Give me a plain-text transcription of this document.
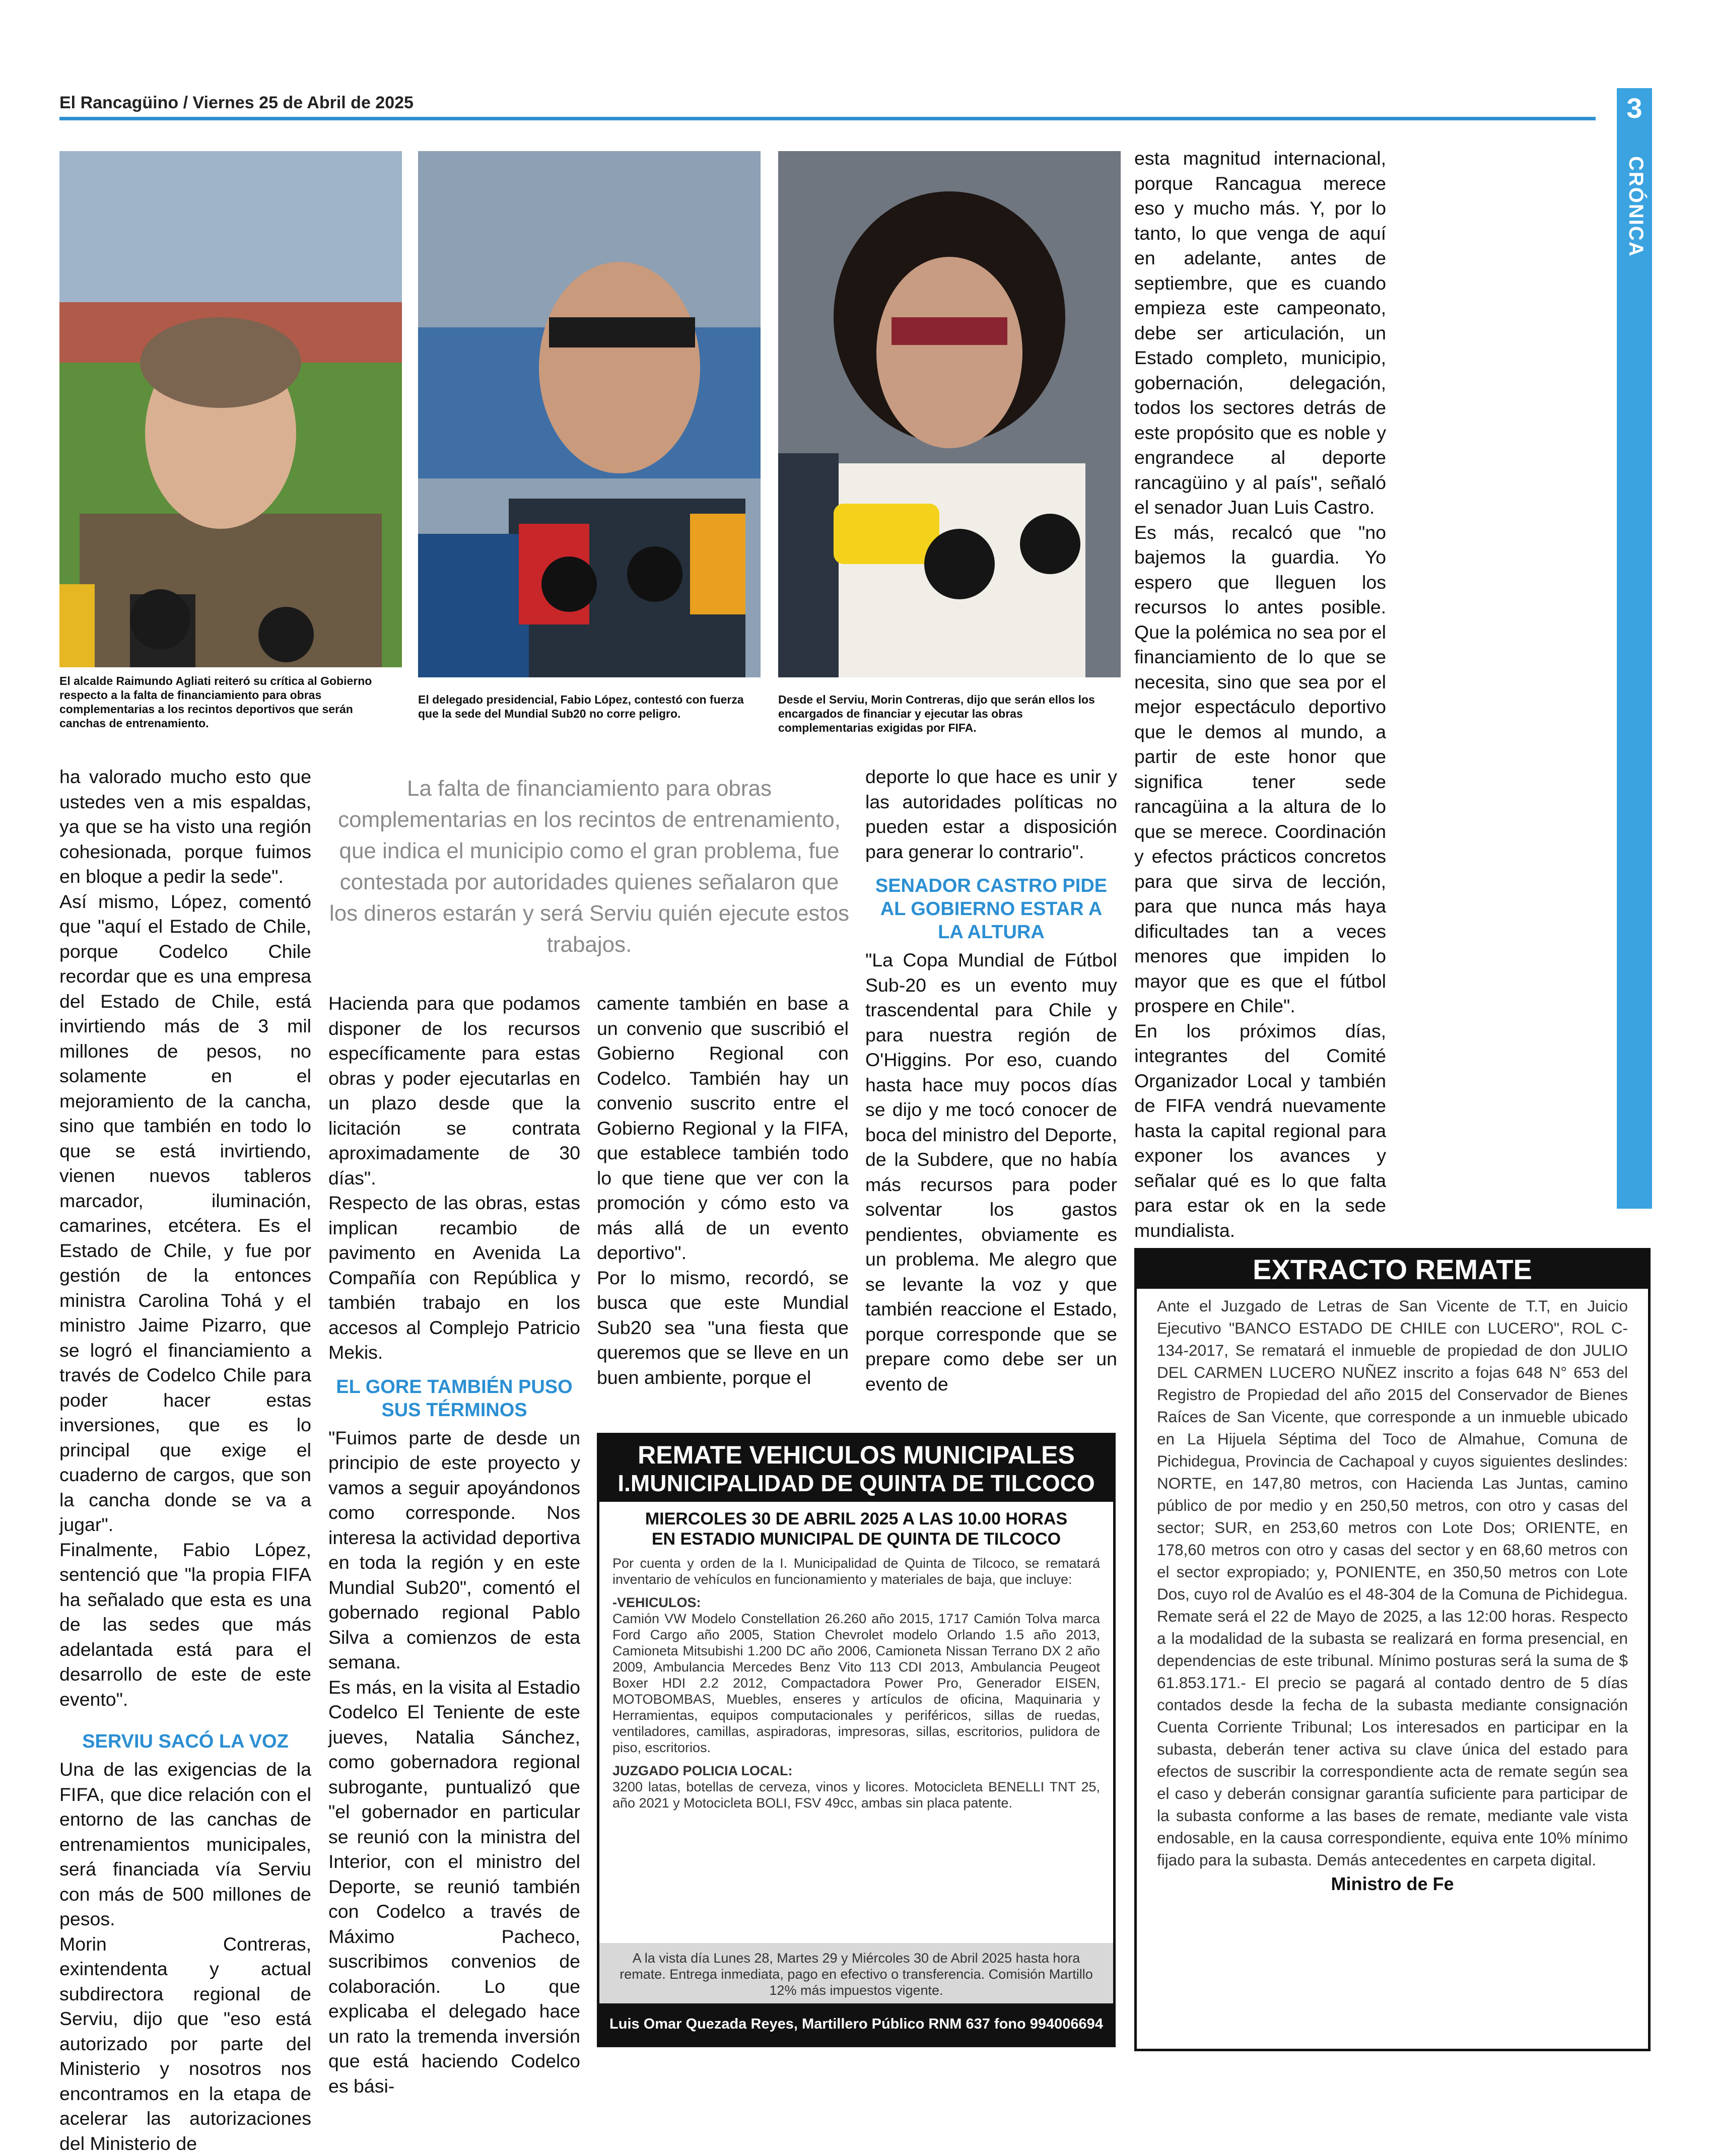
El Rancagüino / Viernes 25 de Abril de 2025	3
CRÓNICA
El alcalde Raimundo Agliati reiteró su crítica al Gobierno respecto a la falta de financiamiento para obras complementarias a los recintos deportivos que serán canchas de entrenamiento.
El delegado presidencial, Fabio López, contestó con fuerza que la sede del Mundial Sub20 no corre peligro.
Desde el Serviu, Morin Contreras, dijo que serán ellos los encargados de financiar y ejecutar las obras complementarias exigidas por FIFA.
La falta de financiamiento para obras complementarias en los recintos de entrenamiento, que indica el municipio como el gran problema, fue contestada por autoridades quienes señalaron que los dineros estarán y será Serviu quién ejecute estos trabajos.

ha valorado mucho esto que ustedes ven a mis espaldas, ya que se ha visto una región cohesionada, porque fuimos en bloque a pedir la sede".

Así mismo, López, comentó que "aquí el Estado de Chile, porque Codelco Chile recordar que es una empresa del Estado de Chile, está invirtiendo más de 3 mil millones de pesos, no solamente en el mejoramiento de la cancha, sino que también en todo lo que se está invirtiendo, vienen nuevos tableros marcador, iluminación, camarines, etcétera. Es el Estado de Chile, y fue por gestión de la entonces ministra Carolina Tohá y el ministro Jaime Pizarro, que se logró el financiamiento a través de Codelco Chile para poder hacer estas inversiones, que es lo principal que exige el cuaderno de cargos, que son la cancha donde se va a jugar".

Finalmente, Fabio López, sentenció que "la propia FIFA ha señalado que esta es una de las sedes que más adelantada está para el desarrollo de este de este evento".

SERVIU SACÓ LA VOZ

Una de las exigencias de la FIFA, que dice relación con el entorno de las canchas de entrenamientos municipales, será financiada vía Serviu con más de 500 millones de pesos.

Morin Contreras, exintendenta y actual subdirectora regional de Serviu, dijo que "eso está autorizado por parte del Ministerio y nosotros nos encontramos en la etapa de acelerar las autorizaciones del Ministerio de

Hacienda para que podamos disponer de los recursos específicamente para estas obras y poder ejecutarlas en un plazo desde que la licitación se contrata aproximadamente de 30 días".

Respecto de las obras, estas implican recambio de pavimento en Avenida La Compañía con República y también trabajo en los accesos al Complejo Patricio Mekis.

EL GORE TAMBIÉN PUSO SUS TÉRMINOS

"Fuimos parte de desde un principio de este proyecto y vamos a seguir apoyándonos como corresponde. Nos interesa la actividad deportiva en toda la región y en este Mundial Sub20", comentó el gobernado regional Pablo Silva a comienzos de esta semana.

Es más, en la visita al Estadio Codelco El Teniente de este jueves, Natalia Sánchez, como gobernadora regional subrogante, puntualizó que "el gobernador en particular se reunió con la ministra del Interior, con el ministro del Deporte, se reunió también con Codelco a través de Máximo Pacheco, suscribimos convenios de colaboración. Lo que explicaba el delegado hace un rato la tremenda inversión que está haciendo Codelco es bási-

camente también en base a un convenio que suscribió el Gobierno Regional con Codelco. También hay un convenio suscrito entre el Gobierno Regional y la FIFA, que establece también todo lo que tiene que ver con la promoción y cómo esto va más allá de un evento deportivo".

Por lo mismo, recordó, se busca que este Mundial Sub20 sea "una fiesta que queremos que se lleve en un buen ambiente, porque el

deporte lo que hace es unir y las autoridades políticas no pueden estar a disposición para generar lo contrario".

SENADOR CASTRO PIDE AL GOBIERNO ESTAR A LA ALTURA

"La Copa Mundial de Fútbol Sub-20 es un evento muy trascendental para Chile y para nuestra región de O'Higgins. Por eso, cuando hasta hace muy pocos días se dijo y me tocó conocer de boca del ministro del Deporte, de la Subdere, que no había más recursos para poder solventar los gastos pendientes, obviamente es un problema. Me alegro que se levante la voz y que también reaccione el Estado, porque corresponde que se prepare como debe ser un evento de

esta magnitud internacional, porque Rancagua merece eso y mucho más. Y, por lo tanto, lo que venga de aquí en adelante, antes de septiembre, que es cuando empieza este campeonato, debe ser articulación, un Estado completo, municipio, gobernación, delegación, todos los sectores detrás de este propósito que es noble y engrandece al deporte rancagüino y al país", señaló el senador Juan Luis Castro.

Es más, recalcó que "no bajemos la guardia. Yo espero que lleguen los recursos lo antes posible. Que la polémica no sea por el financiamiento de lo que se necesita, sino que sea por el mejor espectáculo deportivo que le demos al mundo, a partir de este honor que significa tener sede rancagüina a la altura de lo que se merece. Coordinación y efectos prácticos concretos para que sirva de lección, para que nunca más haya dificultades tan a veces menores que impiden lo mayor que es que el fútbol prospere en Chile".

En los próximos días, integrantes del Comité Organizador Local y también de FIFA vendrá nuevamente hasta la capital regional para exponer los avances y señalar qué es lo que falta para estar ok en la sede mundialista.

REMATE VEHICULOS MUNICIPALES
I.MUNICIPALIDAD DE QUINTA DE TILCOCO
MIERCOLES 30 DE ABRIL 2025 A LAS 10.00 HORAS
EN ESTADIO MUNICIPAL DE QUINTA DE TILCOCO

Por cuenta y orden de la I. Municipalidad de Quinta de Tilcoco, se rematará inventario de vehículos en funcionamiento y materiales de baja, que incluye:

-VEHICULOS:

Camión VW Modelo Constellation 26.260 año 2015, 1717 Camión Tolva marca Ford Cargo año 2005, Station Chevrolet modelo Orlando 1.5 año 2013, Camioneta Mitsubishi 1.200 DC año 2006, Camioneta Nissan Terrano DX 2 año 2009, Ambulancia Mercedes Benz Vito 113 CDI 2013, Ambulancia Peugeot Boxer HDI 2.2 2012, Compactadora Power Pro, Generador EISEN, MOTOBOMBAS, Muebles, enseres y artículos de oficina, Maquinaria y Herramientas, equipos computacionales y periféricos, sillas de ruedas, ventiladores, camillas, aspiradoras, impresoras, sillas, escritorios, pulidora de piso, escritorios.

JUZGADO POLICIA LOCAL:

3200 latas, botellas de cerveza, vinos y licores. Motocicleta BENELLI TNT 25, año 2021 y Motocicleta BOLI, FSV 49cc, ambas sin placa patente.

A la vista día Lunes 28, Martes 29 y Miércoles 30 de Abril 2025 hasta hora remate. Entrega inmediata, pago en efectivo o transferencia. Comisión Martillo 12% más impuestos vigente.
Luis Omar Quezada Reyes, Martillero Público RNM 637 fono 994006694
EXTRACTO REMATE
Ante el Juzgado de Letras de San Vicente de T.T, en Juicio Ejecutivo "BANCO ESTADO DE CHILE con LUCERO", ROL C-134-2017, Se rematará el inmueble de propiedad de don JULIO DEL CARMEN LUCERO NUÑEZ inscrito a fojas 648 N° 653 del Registro de Propiedad del año 2015 del Conservador de Bienes Raíces de San Vicente, que corresponde a un inmueble ubicado en La Hijuela Séptima del Toco de Almahue, Comuna de Pichidegua, Provincia de Cachapoal y cuyos siguientes deslindes: NORTE, en 147,80 metros, con Hacienda Las Juntas, camino público de por medio y en 250,50 metros, con otro y casas del sector; SUR, en 253,60 metros con Lote Dos; ORIENTE, en 178,60 metros con otro y casas del sector y en 68,60 metros con el sector expropiado; y, PONIENTE, en 350,50 metros con Lote Dos, cuyo rol de Avalúo es el 48-304 de la Comuna de Pichidegua. Remate será el 22 de Mayo de 2025, a las 12:00 horas. Respecto a la modalidad de la subasta se realizará en forma presencial, en dependencias de este tribunal. Mínimo posturas será la suma de $ 61.853.171.- El precio se pagará al contado dentro de 5 días contados desde la fecha de la subasta mediante consignación Cuenta Corriente Tribunal; Los interesados en participar en la subasta, deberán tener activa su clave única del estado para efectos de suscribir la correspondiente acta de remate según sea el caso y deberán consignar garantía suficiente para participar de la subasta conforme a las bases de remate, mediante vale vista endosable, en la causa correspondiente, equiva ente 10% mínimo fijado para la subasta. Demás antecedentes en carpeta digital.
Ministro de Fe
